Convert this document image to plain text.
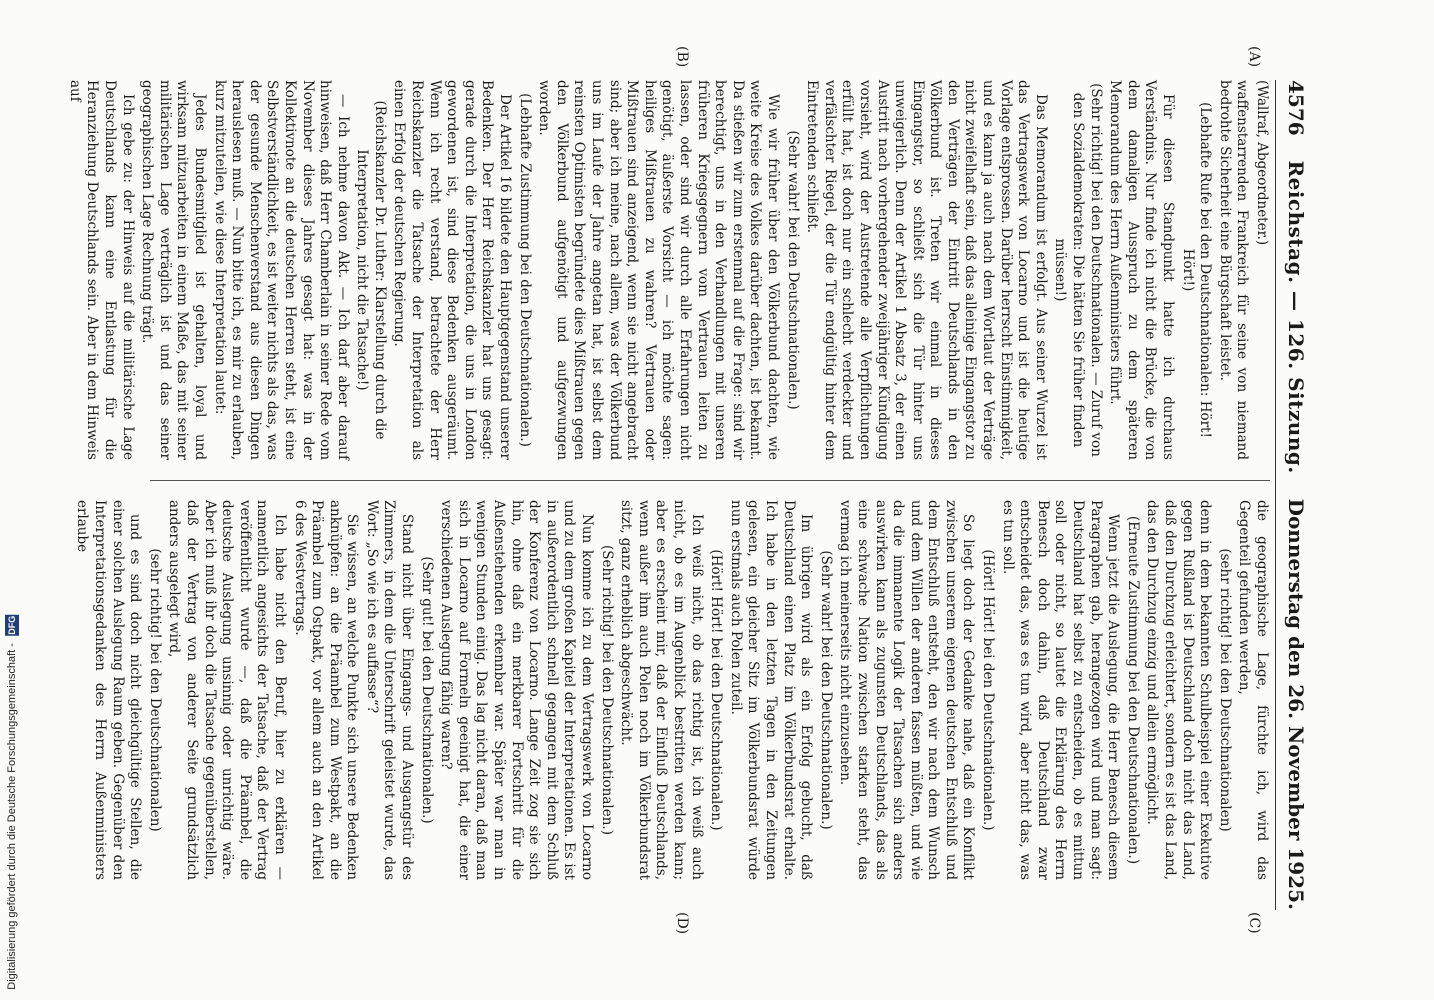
4576
Reichstag. — 126. Sitzung.
Donnerstag den 26. November 1925.
(A)
(B)
(C)
(D)

(Wallraf, Abgeordneter.)

waffenstarrenden Frankreich für seine von niemand bedrohte Sicherheit eine Bürgschaft leistet.

(Lebhafte Rufe bei den Deutschnationalen: Hört! Hört!)

Für diesen Standpunkt hatte ich durchaus Verständnis. Nur finde ich nicht die Brücke, die von dem damaligen Ausspruch zu dem späteren Memorandum des Herrn Außenministers führt.

(Sehr richtig! bei den Deutschnationalen. — Zuruf von den Sozialdemokraten: Die hätten Sie früher finden müssen!)

Das Memorandum ist erfolgt. Aus seiner Wurzel ist das Vertragswerk von Locarno und ist die heutige Vorlage entsprossen. Darüber herrscht Einstimmigkeit, und es kann ja auch nach dem Wortlaut der Verträge nicht zweifelhaft sein, daß das alleinige Eingangstor zu den Verträgen der Eintritt Deutschlands in den Völkerbund ist. Treten wir einmal in dieses Eingangstor, so schließt sich die Tür hinter uns unweigerlich. Denn der Artikel 1 Absatz 3, der einen Austritt nach vorhergehender zweijähriger Kündigung vorsieht, wird der Austretende alle Verpflichtungen erfüllt hat, ist doch nur ein schlecht verdeckter und verfälschter Riegel, der die Tür endgültig hinter dem Eintretenden schließt.

(Sehr wahr! bei den Deutschnationalen.)

Wie wir früher über den Völkerbund dachten, wie weite Kreise des Volkes darüber dachten, ist bekannt. Da stießen wir zum erstenmal auf die Frage: sind wir berechtigt, uns in den Verhandlungen mit unseren früheren Kriegsgegnern vom Vertrauen leiten zu lassen, oder sind wir durch alle Erfahrungen nicht genötigt, äußerste Vorsicht — ich möchte sagen: heiliges Mißtrauen zu wahren? Vertrauen oder Mißtrauen sind anzeigend, wenn sie nicht angebracht sind; aber ich meine, nach allem, was der Völkerbund uns im Laufe der Jahre angetan hat, ist selbst dem reinsten Optimisten begründete dies Mißtrauen gegen den Völkerbund aufgenötigt und aufgezwungen worden.

(Lebhafte Zustimmung bei den Deutschnationalen.)

Der Artikel 16 bildete den Hauptgegenstand unserer Bedenken. Der Herr Reichskanzler hat uns gesagt: gerade durch die Interpretation, die uns in London gewordenen ist, sind diese Bedenken ausgeräumt. Wenn ich recht verstand, betrachtete der Herr Reichskanzler die Tatsache der Interpretation als einen Erfolg der deutschen Regierung.

(Reichskanzler Dr. Luther: Klarstellung durch die Interpretation, nicht die Tatsache!)

— Ich nehme davon Akt. — Ich darf aber darauf hinweisen, daß Herr Chamberlain in seiner Rede vom November dieses Jahres gesagt hat: was in der Kollektivnote an die deutschen Herren steht, ist eine Selbstverständlichkeit, es ist weiter nichts als das, was der gesunde Menschenverstand aus diesen Dingen herauslesen muß. — Nun bitte ich, es mir zu erlauben, kurz mitzuteilen, wie diese Interpretation lautet:

Jedes Bundesmitglied ist gehalten, loyal und wirksam mitzuarbeiten in einem Maße, das mit seiner militärischen Lage verträglich ist und das seiner geographischen Lage Rechnung trägt.

Ich gebe zu: der Hinweis auf die militärische Lage Deutschlands kann eine Entlastung für die Heranziehung Deutschlands sein. Aber in dem Hinweis auf

die geographische Lage, fürchte ich, wird das Gegenteil gefunden werden,

(sehr richtig! bei den Deutschnationalen)

denn in dem bekannten Schulbeispiel einer Exekutive gegen Rußland ist Deutschland doch nicht das Land, daß den Durchzug erleichtert, sondern es ist das Land, das den Durchzug einzig und allein ermöglicht.

(Erneute Zustimmung bei den Deutschnationalen.)

Wenn jetzt die Auslegung, die Herr Benesch diesem Paragraphen gab, herangezogen wird und man sagt: Deutschland hat selbst zu entscheiden, ob es mittun soll oder nicht, so lautet die Erklärung des Herrn Benesch doch dahin, daß Deutschland zwar entscheidet das, was es tun wird, aber nicht das, was es tun soll.

(Hört! Hört! bei den Deutschnationalen.)

So liegt doch der Gedanke nahe, daß ein Konflikt zwischen unserem eigenen deutschen Entschluß und dem Entschluß entsteht, den wir nach dem Wunsch und dem Willen der anderen fassen müßten, und wie da die immanente Logik der Tatsachen sich anders auswirken kann als zugunsten Deutschlands, das als eine schwache Nation zwischen starken steht, das vermag ich meinerseits nicht einzusehen.

(Sehr wahr! bei den Deutschnationalen.)

Im übrigen wird als ein Erfolg gebucht, daß Deutschland einen Platz im Völkerbundsrat erhalte. Ich habe in den letzten Tagen in den Zeitungen gelesen, ein gleicher Sitz im Völkerbundsrat würde nun erstmals auch Polen zuteil.

(Hört! Hört! bei den Deutschnationalen.)

Ich weiß nicht, ob das richtig ist, ich weiß auch nicht, ob es im Augenblick bestritten werden kann; aber es erscheint mir, daß der Einfluß Deutschlands, wenn außer ihm auch Polen noch im Völkerbundsrat sitzt, ganz erheblich abgeschwächt.

(Sehr richtig! bei den Deutschnationalen.)

Nun komme ich zu dem Vertragswerk von Locarno und zu dem großen Kapitel der Interpretationen. Es ist in außerordentlich schnell gegangen mit dem Schluß der Konferenz von Locarno. Lange Zeit zog sie sich hin, ohne daß ein merkbarer Fortschritt für die Außenstehenden erkennbar war. Später war man in wenigen Stunden einig. Das lag nicht daran, daß man sich in Locarno auf Formeln geeinigt hat, die einer verschiedenen Auslegung fähig waren?

(Sehr gut! bei den Deutschnationalen.)

Stand nicht über Eingangs- und Ausgangstür des Zimmers, in dem die Unterschrift geleistet wurde, das Wort: „So wie ich es auffasse“?

Sie wissen, an welche Punkte sich unsere Bedenken anknüpfen: an die Präambel zum Westpakt, an die Präambel zum Ostpakt, vor allem auch an den Artikel 6 des Westvertrags.

Ich habe nicht den Beruf, hier zu erklären — namentlich angesichts der Tatsache, daß der Vertrag veröffentlicht wurde —, daß die Präambel, die deutsche Auslegung unsinnig oder unrichtig wäre. Aber ich muß ihr doch die Tatsache gegenüberstellen, daß der Vertrag von anderer Seite grundsätzlich anders ausgelegt wird,

(sehr richtig! bei den Deutschnationalen)

und es sind doch nicht gleichgültige Stellen, die einer solchen Auslegung Raum geben. Gegenüber den Interpretationsgedanken des Herrn Außenministers erlaube

Digitalisierung gefördert durch die Deutsche Forschungsgemeinschaft - DFG
